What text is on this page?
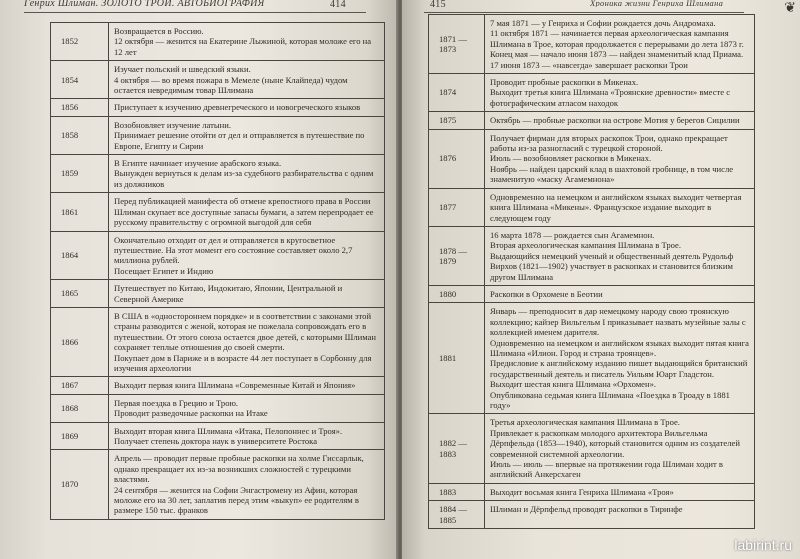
Генрих Шлиман. ЗОЛОТО ТРОИ. АВТОБИОГРАФИЯ	414
1852	Возвращается в Россию.
12 октября — женится на Екатерине Лыжиной, которая моложе его на 12 лет
1854	Изучает польский и шведский языки.
4 октября — во время пожара в Мемеле (ныне Клайпеда) чудом остается невредимым товар Шлимана
1856	Приступает к изучению древнегреческого и новогреческого языков
1858	Возобновляет изучение латыни.
Принимает решение отойти от дел и отправляется в путешествие по Европе, Египту и Сирии
1859	В Египте начинает изучение арабского языка.
Вынужден вернуться к делам из-за судебного разбирательства с одним из должников
1861	Перед публикацией манифеста об отмене крепостного права в России Шлиман скупает все доступные запасы бумаги, а затем перепродает ее русскому правительству с огромной выгодой для себя
1864	Окончательно отходит от дел и отправляется в кругосветное путешествие. На этот момент его состояние составляет около 2,7 миллиона рублей.
Посещает Египет и Индию
1865	Путешествует по Китаю, Индокитаю, Японии, Центральной и Северной Америке
1866	В США в «одностороннем порядке» и в соответствии с законами этой страны разводится с женой, которая не пожелала сопровождать его в путешествии. От этого союза остается двое детей, с которыми Шлиман сохраняет теплые отношения до своей смерти.
Покупает дом в Париже и в возрасте 44 лет поступает в Сорбонну для изучения археологии
1867	Выходит первая книга Шлимана «Современные Китай и Япония»
1868	Первая поездка в Грецию и Трою.
Проводит разведочные раскопки на Итаке
1869	Выходит вторая книга Шлимана «Итака, Пелопоннес и Троя».
Получает степень доктора наук в университете Ростока
1870	Апрель — проводит первые пробные раскопки на холме Гиссарлык, однако прекращает их из-за возникших сложностей с турецкими властями.
24 сентября — женится на Софии Энгастромену из Афин, которая моложе его на 30 лет, заплатив перед этим «выкуп» ее родителям в размере 150 тыс. франков
415	Хроника жизни Генриха Шлимана	❦
1871 — 1873	7 мая 1871 — у Генриха и Софии рождается дочь Андромаха.
11 октября 1871 — начинается первая археологическая кампания Шлимана в Трое, которая продолжается с перерывами до лета 1873 г.
Конец мая — начало июня 1873 — найден знаменитый клад Приама.
17 июня 1873 — «навсегда» завершает раскопки Трои
1874	Проводит пробные раскопки в Микенах.
Выходит третья книга Шлимана «Троянские древности» вместе с фотографическим атласом находок
1875	Октябрь — пробные раскопки на острове Мотия у берегов Сицилии
1876	Получает фирман для вторых раскопок Трои, однако прекращает работы из-за разногласий с турецкой стороной.
Июль — возобновляет раскопки в Микенах.
Ноябрь — найден царский клад в шахтовой гробнице, в том числе знаменитую «маску Агамемнона»
1877	Одновременно на немецком и английском языках выходит четвертая книга Шлимана «Микены». Французское издание выходит в следующем году
1878 — 1879	16 марта 1878 — рождается сын Агамемнон.
Вторая археологическая кампания Шлимана в Трое.
Выдающийся немецкий ученый и общественный деятель Рудольф Вирхов (1821—1902) участвует в раскопках и становится близким другом Шлимана
1880	Раскопки в Орхомене в Беотии
1881	Январь — преподносит в дар немецкому народу свою троянскую коллекцию; кайзер Вильгельм I приказывает назвать музейные залы с коллекцией именем дарителя.
Одновременно на немецком и английском языках выходит пятая книга Шлимана «Илион. Город и страна троянцев».
Предисловие к английскому изданию пишет выдающийся британский государственный деятель и писатель Уильям Юарт Гладстон.
Выходит шестая книга Шлимана «Орхомен».
Опубликована седьмая книга Шлимана «Поездка в Троаду в 1881 году»
1882 — 1883	Третья археологическая кампания Шлимана в Трое.
Привлекает к раскопкам молодого архитектора Вильгельма Дёрпфельда (1853—1940), который становится одним из создателей современной системной археологии.
Июль — июль — впервые на протяжении года Шлиман ходит в английский Анкерсхаген
1883	Выходит восьмая книга Генриха Шлимана «Троя»
1884 — 1885	Шлиман и Дёрпфельд проводят раскопки в Тиринфе
labirint.ru
